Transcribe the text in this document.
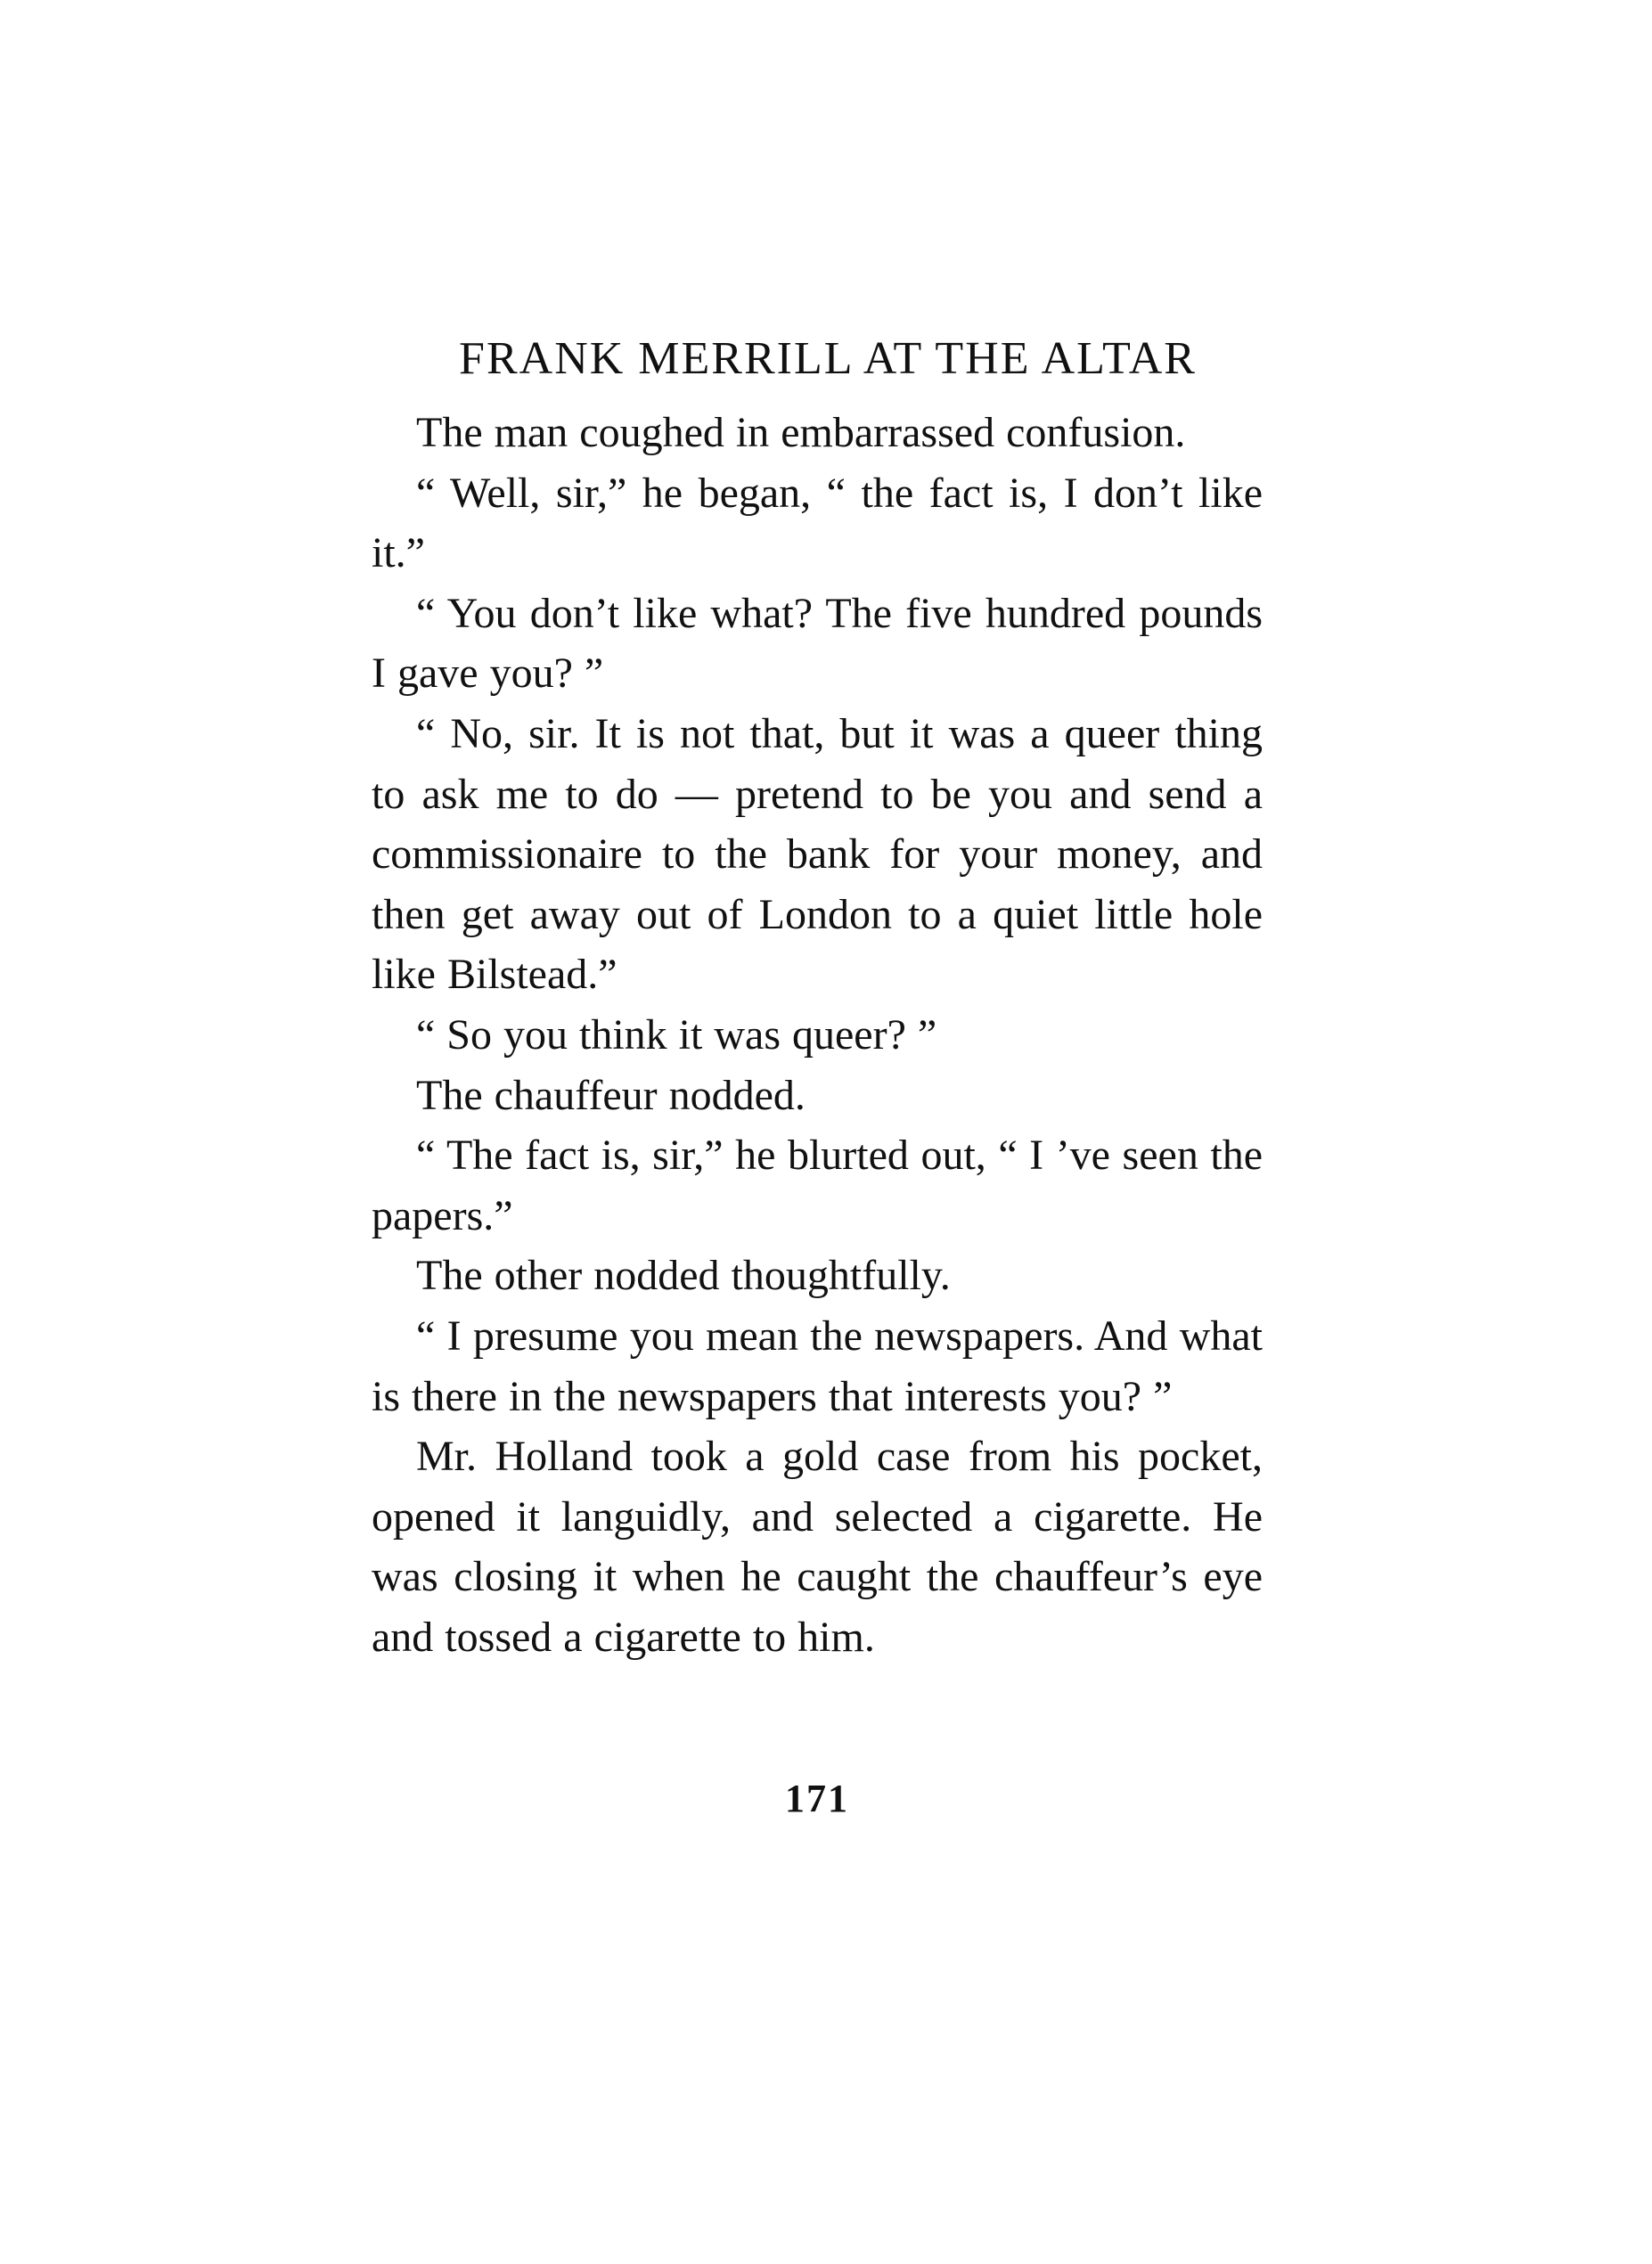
FRANK MERRILL AT THE ALTAR

The man coughed in embarrassed confusion.

“ Well, sir,” he began, “ the fact is, I don’t like it.”

“ You don’t like what? The five hundred pounds I gave you? ”

“ No, sir. It is not that, but it was a queer thing to ask me to do — pretend to be you and send a commissionaire to the bank for your money, and then get away out of London to a quiet little hole like Bilstead.”

“ So you think it was queer? ”

The chauffeur nodded.

“ The fact is, sir,” he blurted out, “ I ’ve seen the papers.”

The other nodded thoughtfully.

“ I presume you mean the newspapers. And what is there in the newspapers that interests you? ”

Mr. Holland took a gold case from his pocket, opened it languidly, and selected a cigarette. He was closing it when he caught the chauffeur’s eye and tossed a cigarette to him.

171
